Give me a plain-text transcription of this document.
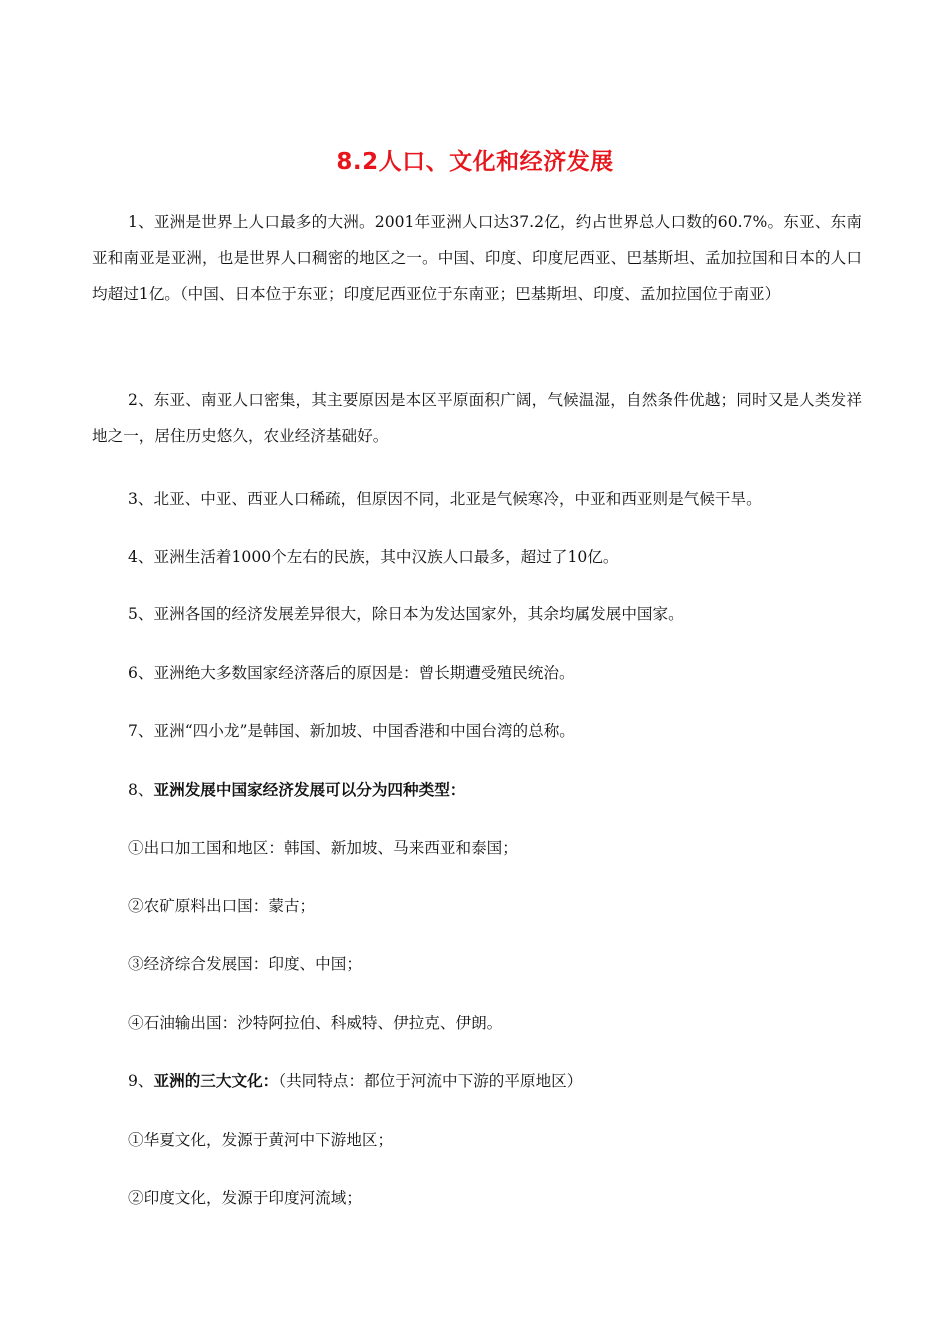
8.2人口、文化和经济发展
1、亚洲是世界上人口最多的大洲。2001年亚洲人口达37.2亿，约占世界总人口数的60.7%。东亚、东南亚和南亚是亚洲，也是世界人口稠密的地区之一。中国、印度、印度尼西亚、巴基斯坦、孟加拉国和日本的人口均超过1亿。（中国、日本位于东亚；印度尼西亚位于东南亚；巴基斯坦、印度、孟加拉国位于南亚）
2、东亚、南亚人口密集，其主要原因是本区平原面积广阔，气候温湿，自然条件优越；同时又是人类发祥地之一，居住历史悠久，农业经济基础好。
3、北亚、中亚、西亚人口稀疏，但原因不同，北亚是气候寒冷，中亚和西亚则是气候干旱。
4、亚洲生活着1000个左右的民族，其中汉族人口最多，超过了10亿。
5、亚洲各国的经济发展差异很大，除日本为发达国家外，其余均属发展中国家。
6、亚洲绝大多数国家经济落后的原因是：曾长期遭受殖民统治。
7、亚洲“四小龙”是韩国、新加坡、中国香港和中国台湾的总称。
8、亚洲发展中国家经济发展可以分为四种类型：
①出口加工国和地区：韩国、新加坡、马来西亚和泰国；
②农矿原料出口国：蒙古；
③经济综合发展国：印度、中国；
④石油输出国：沙特阿拉伯、科威特、伊拉克、伊朗。
9、亚洲的三大文化：（共同特点：都位于河流中下游的平原地区）
①华夏文化，发源于黄河中下游地区；
②印度文化，发源于印度河流域；
